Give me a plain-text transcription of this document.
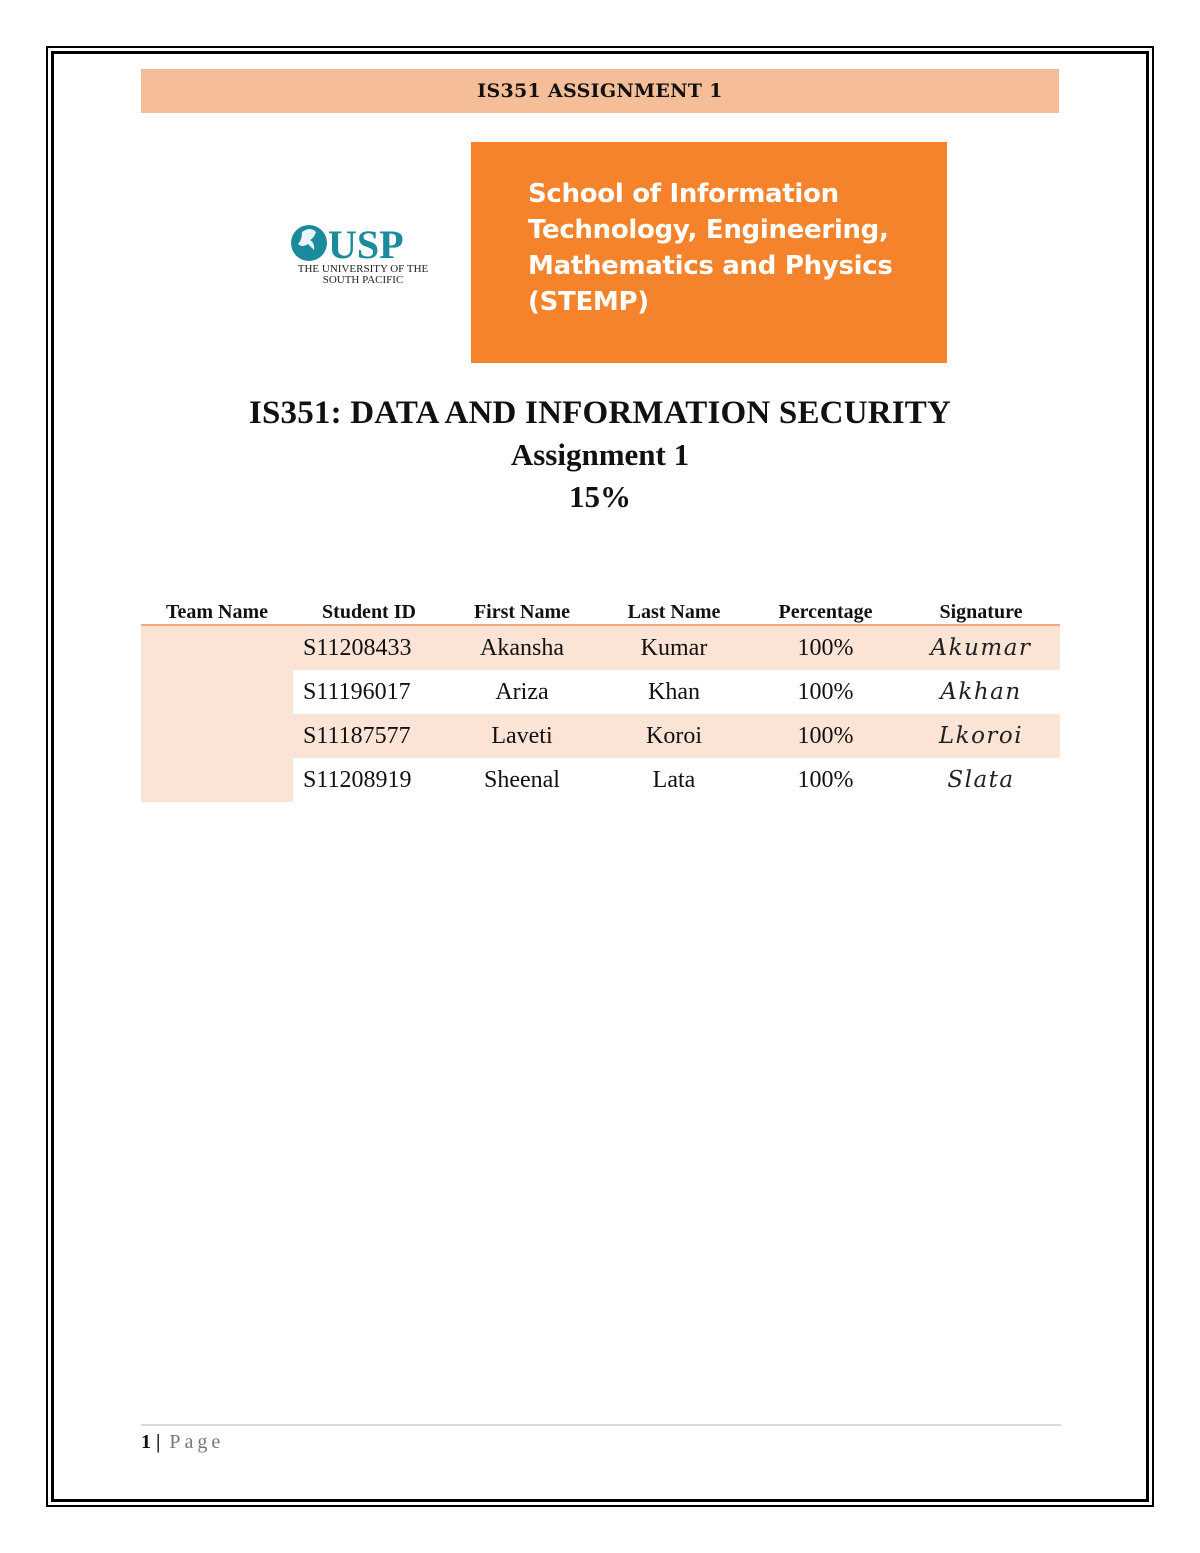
IS351 ASSIGNMENT 1
USP
THE UNIVERSITY OF THE SOUTH PACIFIC
School of Information
Technology, Engineering,
Mathematics and Physics
(STEMP)
IS351: DATA AND INFORMATION SECURITY
Assignment 1
15%
Team Name	Student ID	First Name	Last Name	Percentage	Signature
	S11208433	Akansha	Kumar	100%	Akumar
	S11196017	Ariza	Khan	100%	Akhan
	S11187577	Laveti	Koroi	100%	Lkoroi
	S11208919	Sheenal	Lata	100%	Slata
1 | Page
